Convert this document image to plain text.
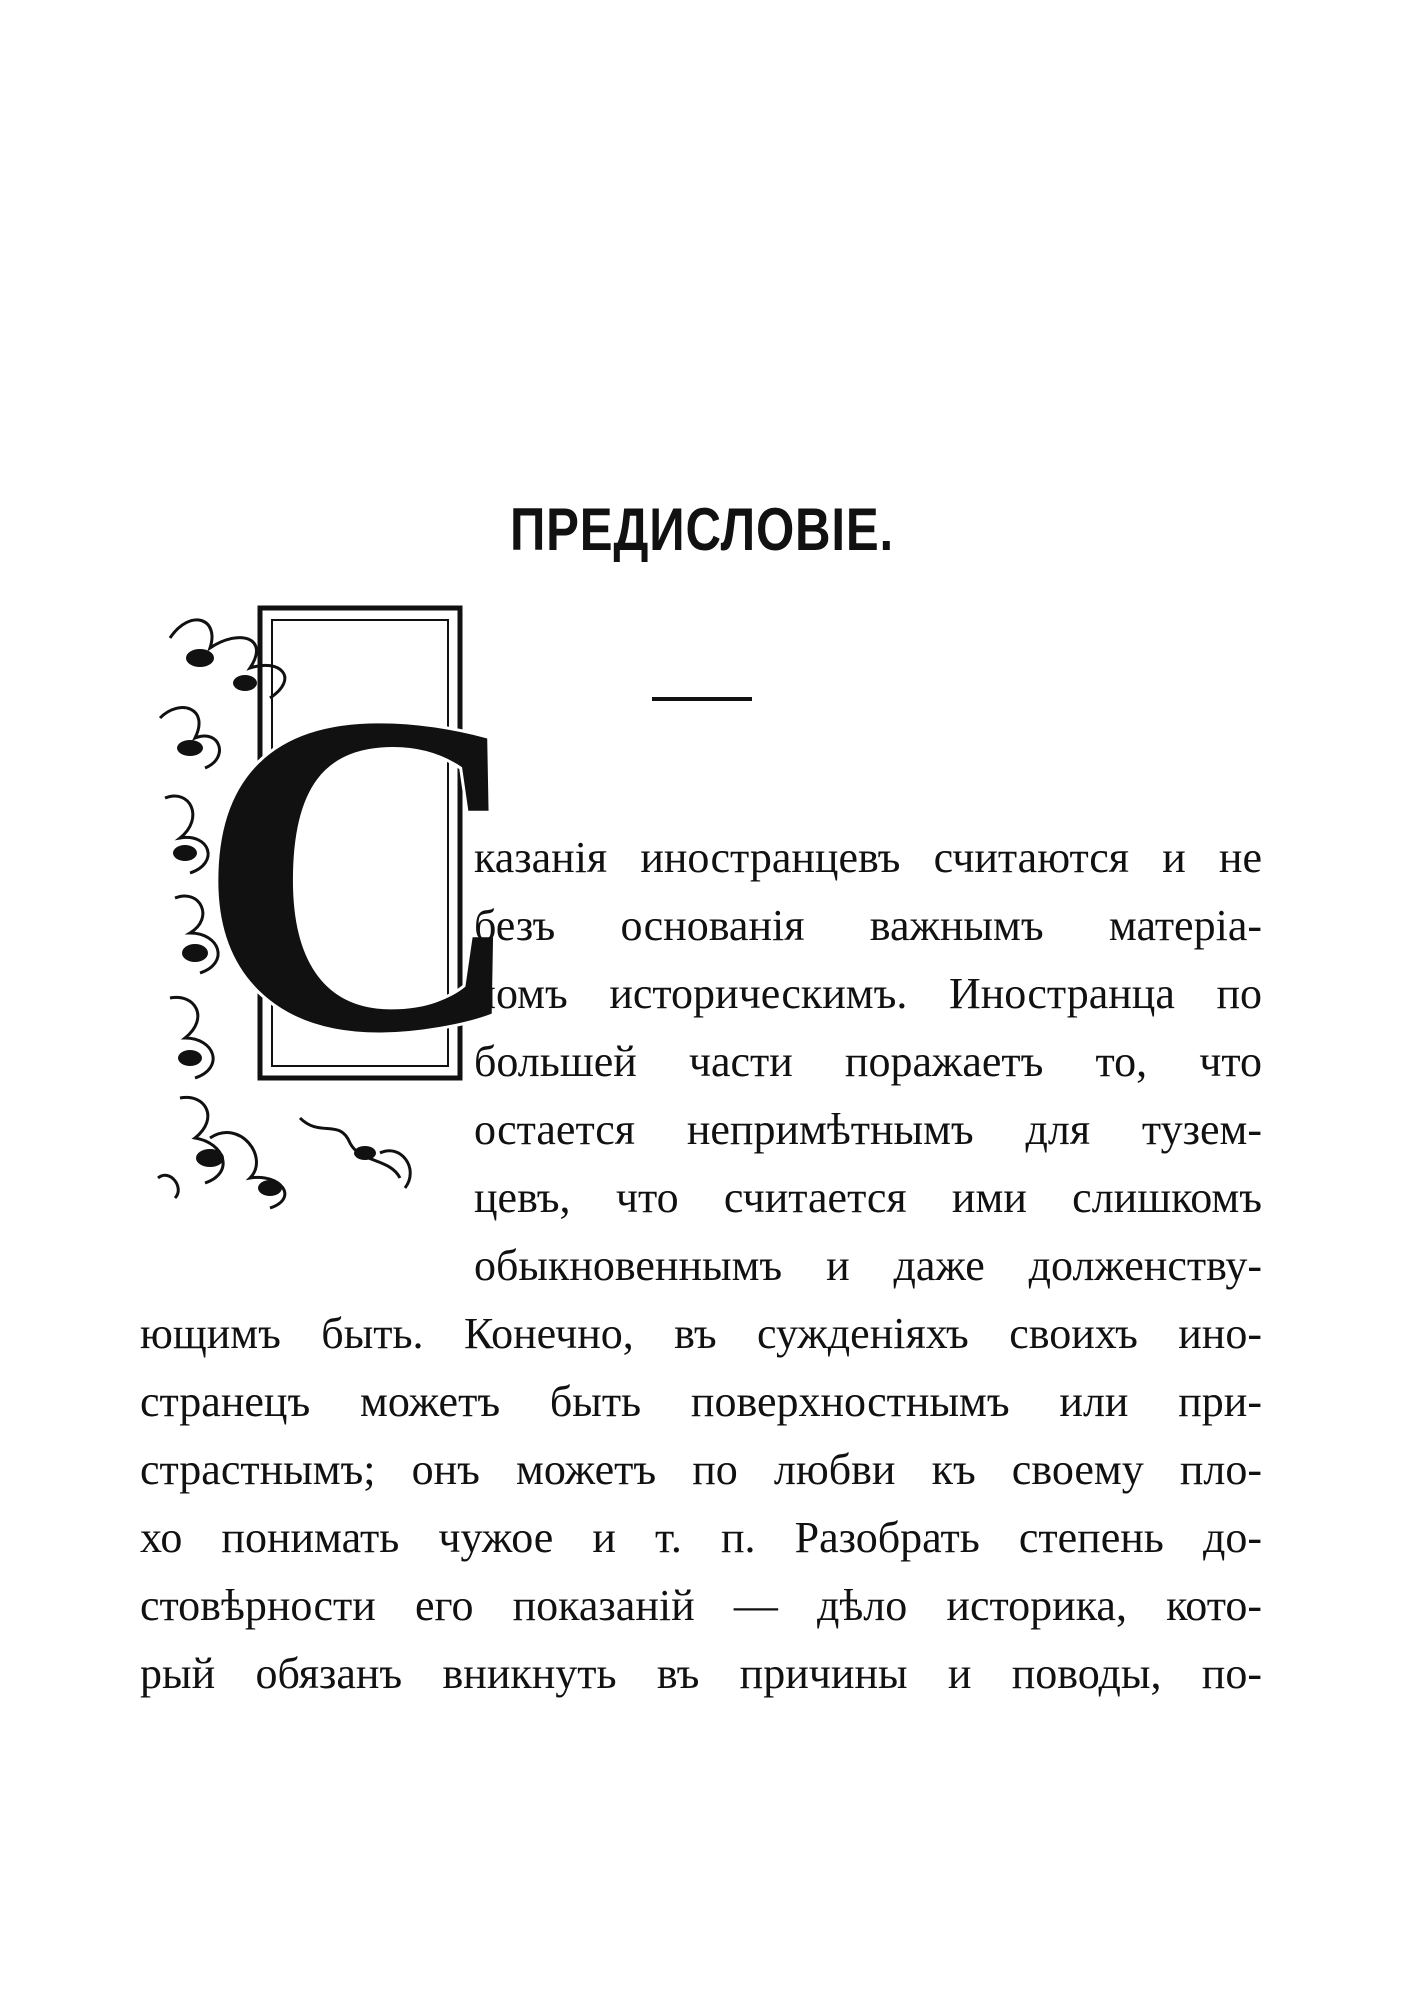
ПРЕДИСЛОВІЕ.
С
казанія иностранцевъ считаются и не
безъ основанія важнымъ матеріа-
ломъ историческимъ. Иностранца по
большей части поражаетъ то, что
остается непримѣтнымъ для тузем-
цевъ, что считается ими слишкомъ
обыкновеннымъ и даже долженству-
ющимъ быть. Конечно, въ сужденіяхъ своихъ ино-
странецъ можетъ быть поверхностнымъ или при-
страстнымъ; онъ можетъ по любви къ своему пло-
хо понимать чужое и т. п. Разобрать степень до-
стовѣрности его показаній — дѣло историка, кото-
рый обязанъ вникнуть въ причины и поводы, по-
